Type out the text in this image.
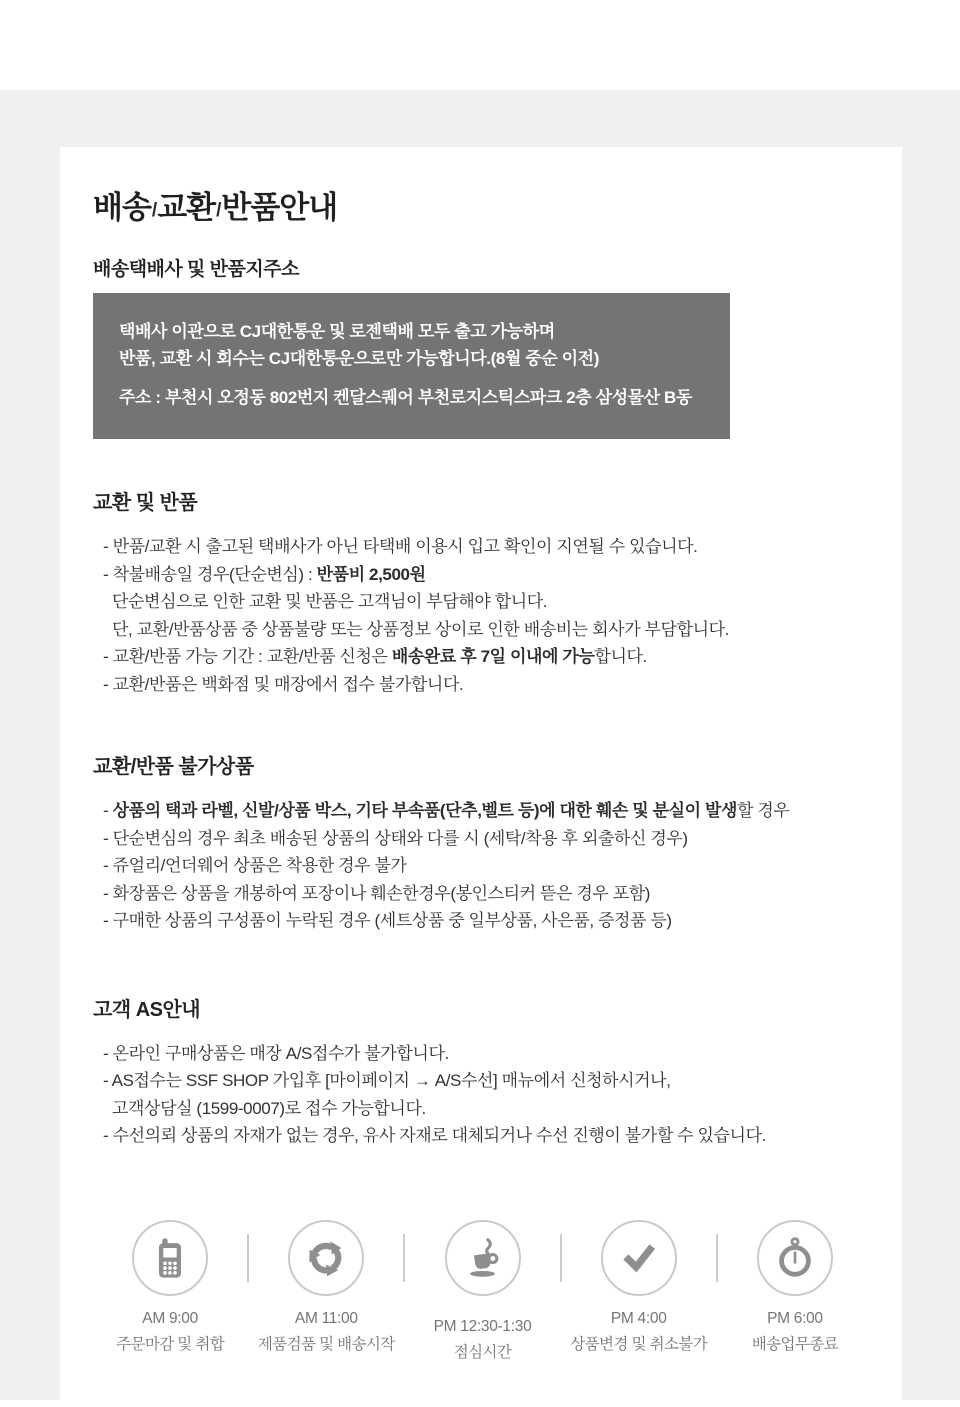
배송/교환/반품안내
배송택배사 및 반품지주소
택배사 이관으로 CJ대한통운 및 로젠택배 모두 출고 가능하며
반품, 교환 시 회수는 CJ대한통운으로만 가능합니다.(8월 중순 이전)
주소 : 부천시 오정동 802번지 켄달스퀘어 부천로지스틱스파크 2층 삼성물산 B동
교환 및 반품
- 반품/교환 시 출고된 택배사가 아닌 타택배 이용시 입고 확인이 지연될 수 있습니다.
- 착불배송일 경우(단순변심) : 반품비 2,500원
단순변심으로 인한 교환 및 반품은 고객님이 부담해야 합니다.
단, 교환/반품상품 중 상품불량 또는 상품정보 상이로 인한 배송비는 회사가 부담합니다.
- 교환/반품 가능 기간 : 교환/반품 신청은 배송완료 후 7일 이내에 가능합니다.
- 교환/반품은 백화점 및 매장에서 접수 불가합니다.
교환/반품 불가상품
- 상품의 택과 라벨, 신발/상품 박스, 기타 부속품(단추,벨트 등)에 대한 훼손 및 분실이 발생할 경우
- 단순변심의 경우 최초 배송된 상품의 상태와 다를 시 (세탁/착용 후 외출하신 경우)
- 쥬얼리/언더웨어 상품은 착용한 경우 불가
- 화장품은 상품을 개봉하여 포장이나 훼손한경우(봉인스티커 뜯은 경우 포함)
- 구매한 상품의 구성품이 누락된 경우 (세트상품 중 일부상품, 사은품, 증정품 등)
고객 AS안내
- 온라인 구매상품은 매장 A/S접수가 불가합니다.
- AS접수는 SSF SHOP 가입후 [마이페이지 → A/S수선] 매뉴에서 신청하시거나,
고객상담실 (1599-0007)로 접수 가능합니다.
- 수선의뢰 상품의 자재가 없는 경우, 유사 자재로 대체되거나 수선 진행이 불가할 수 있습니다.
AM 9:00
주문마감 및 취합
AM 11:00
제품검품 및 배송시작
PM 12:30-1:30
점심시간
PM 4:00
상품변경 및 취소불가
PM 6:00
배송업무종료
